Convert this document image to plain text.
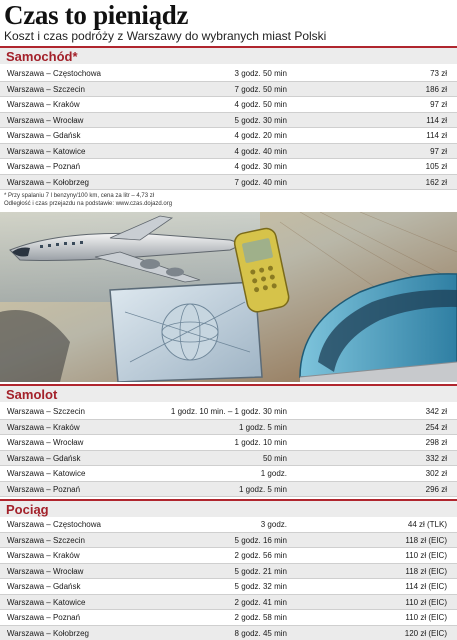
Czas to pieniądz
Koszt i czas podróży z Warszawy do wybranych miast Polski
Samochód*
Warszawa – Częstochowa	3 godz. 50 min	73 zł
Warszawa – Szczecin	7 godz. 50 min	186 zł
Warszawa – Kraków	4 godz. 50 min	97 zł
Warszawa – Wrocław	5 godz. 30 min	114 zł
Warszawa – Gdańsk	4 godz. 20 min	114 zł
Warszawa – Katowice	4 godz. 40 min	97 zł
Warszawa – Poznań	4 godz. 30 min	105 zł
Warszawa – Kołobrzeg	7 godz. 40 min	162 zł
* Przy spalaniu 7 l benzyny/100 km, cena za litr – 4,73 zł
Odległość i czas przejazdu na podstawie: www.czas.dojazd.org
Samolot
Warszawa – Szczecin	1 godz. 10 min. – 1 godz. 30 min	342 zł
Warszawa – Kraków	1 godz. 5 min	254 zł
Warszawa – Wrocław	1 godz. 10 min	298 zł
Warszawa – Gdańsk	50 min	332 zł
Warszawa – Katowice	1 godz.	302 zł
Warszawa – Poznań	1 godz. 5 min	296 zł
Pociąg
Warszawa – Częstochowa	3 godz.	44 zł (TLK)
Warszawa – Szczecin	5 godz. 16 min	118 zł (EIC)
Warszawa – Kraków	2 godz. 56 min	110 zł (EIC)
Warszawa – Wrocław	5 godz. 21 min	118 zł (EIC)
Warszawa – Gdańsk	5 godz. 32 min	114 zł (EIC)
Warszawa – Katowice	2 godz. 41 min	110 zł (EIC)
Warszawa – Poznań	2 godz. 58 min	110 zł (EIC)
Warszawa – Kołobrzeg	8 godz. 45 min	120 zł (EIC)
